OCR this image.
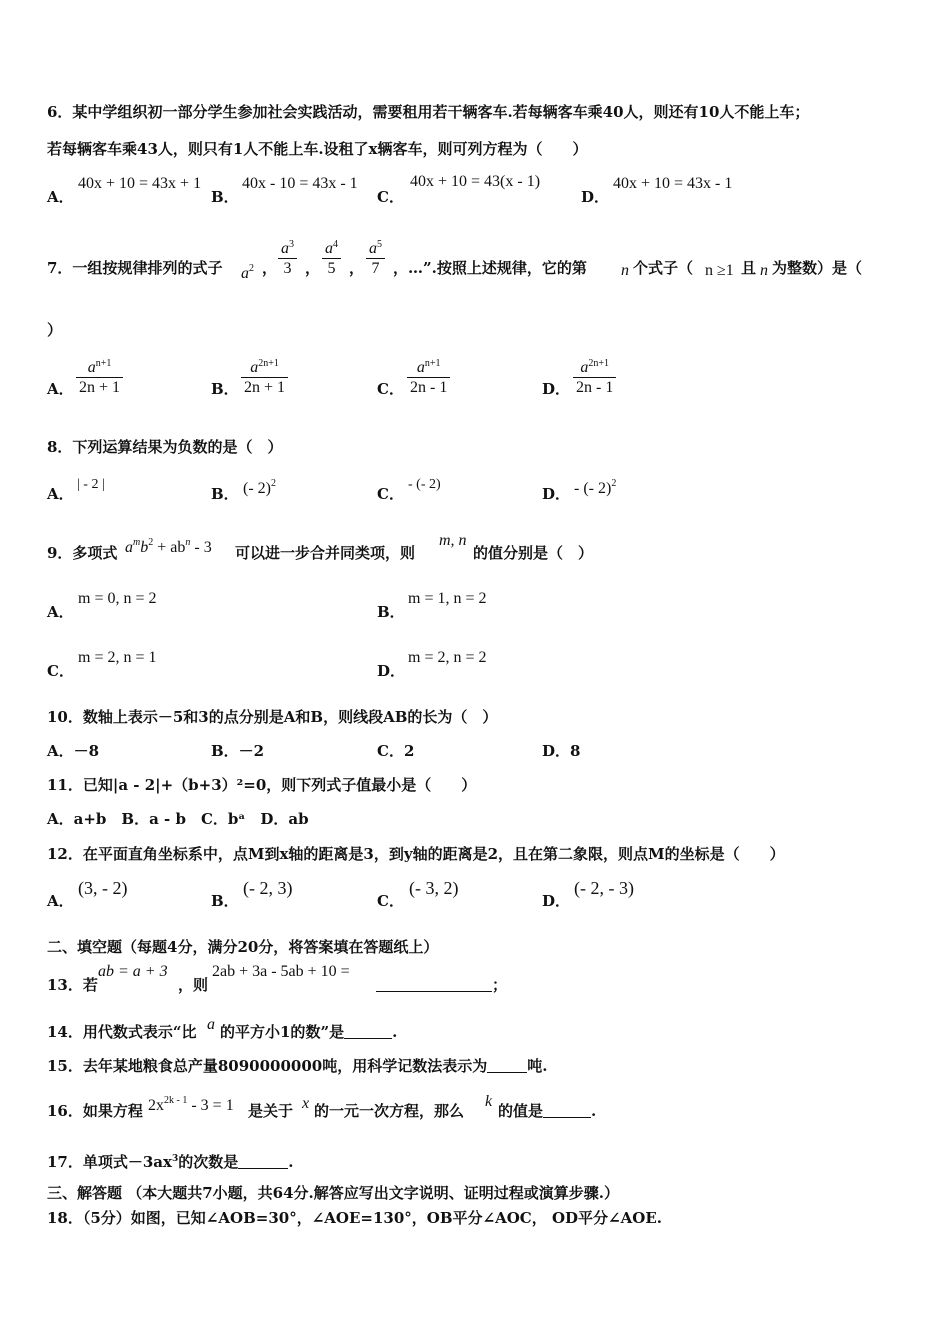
6．某中学组织初一部分学生参加社会实践活动，需要租用若干辆客车.若每辆客车乘40人，则还有10人不能上车；
若每辆客车乘43人，则只有1人不能上车.设租了x辆客车，则可列方程为（　　）
A．
40x + 10 = 43x + 1
B．
40x - 10 = 43x - 1
C．
40x + 10 = 43(x - 1)
D．
40x + 10 = 43x - 1
7．一组按规律排列的式子 $a^2$ ， $\frac{a^3}{3}$ ， $\frac{a^4}{5}$ ， $\frac{a^5}{7}$ ，…”.按照上述规律，它的第 n 个式子（ n ≥1 且 n 为整数）是（
）
A． $\frac{a^{n+1}}{2n + 1}$	B． $\frac{a^{2n+1}}{2n + 1}$	C． $\frac{a^{n+1}}{2n - 1}$	D． $\frac{a^{2n+1}}{2n - 1}$
8．下列运算结果为负数的是（　）
A．
| - 2 |
B． (- 2)$^2$
C．
- (- 2)
D． - (- 2)$^2$
9．多项式 $a^mb^2 + ab^n - 3$ 可以进一步合并同类项，则
m, n
的值分别是（　）
A．
m = 0, n = 2
B．
m = 1, n = 2
C．
m = 2, n = 1
D．
m = 2, n = 2
10．数轴上表示－5和3的点分别是A和B，则线段AB的长为（　）
A．－8	B．－2	C．2	D．8
11．已知|a - 2|+（b+3）²=0，则下列式子值最小是（　　）
A．a+b　B．a - b　C．bᵃ　D．ab
12．在平面直角坐标系中，点M到x轴的距离是3，到y轴的距离是2，且在第二象限，则点M的坐标是（　　）
A．
(3, - 2)
B．
(- 2, 3)
C．
(- 3, 2)
D．
(- 2, - 3)
二、填空题（每题4分，满分20分，将答案填在答题纸上）
13．若
ab = a + 3
，则
2ab + 3a - 5ab + 10 =
；
14．用代数式表示“比 a 的平方小1的数”是	.
15．去年某地粮食总产量8090000000吨，用科学记数法表示为	吨.
16．如果方程 $2x^{2k - 1} - 3 = 1$ 是关于 x 的一元一次方程，那么
k
的值是	.
17．单项式$-3ax^3$的次数是	.
三、解答题 （本大题共7小题，共64分.解答应写出文字说明、证明过程或演算步骤.）
18．（5分）如图，已知∠AOB=30°，∠AOE=130°，OB平分∠AOC， OD平分∠AOE.
